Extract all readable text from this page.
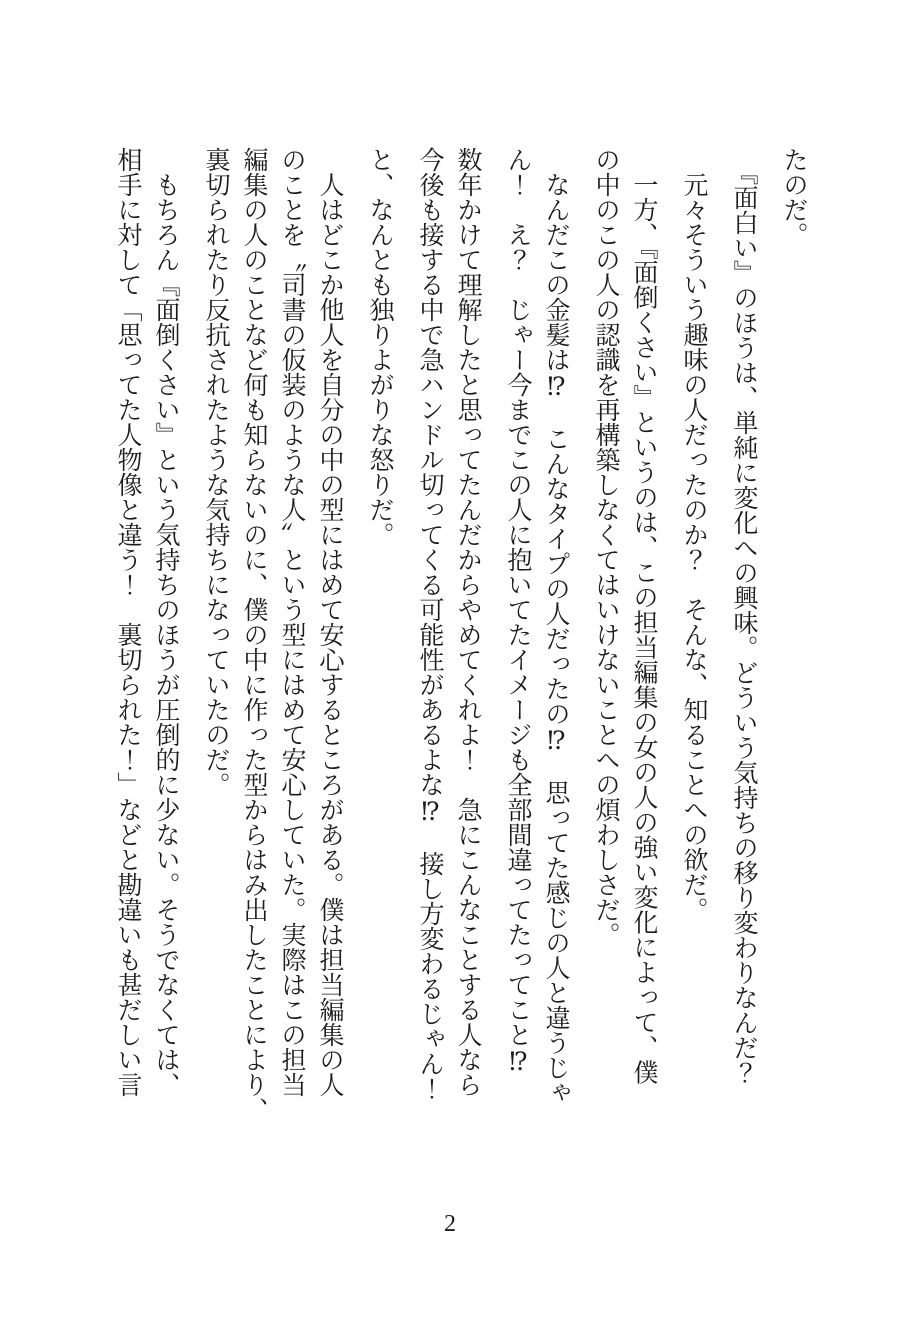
たのだ。

『面白い』のほうは、単純に変化への興味。どういう気持ちの移り変わりなんだ？

元々そういう趣味の人だったのか？　そんな、知ることへの欲だ。

一方、『面倒くさい』というのは、この担当編集の女の人の強い変化によって、僕
の中のこの人の認識を再構築しなくてはいけないことへの煩わしさだ。

なんだこの金髪は⁉　こんなタイプの人だったの⁉　思ってた感じの人と違うじゃ
ん！　え？　じゃー今までこの人に抱いてたイメージも全部間違ってたってこと⁉

数年かけて理解したと思ってたんだからやめてくれよ！　急にこんなことする人なら
今後も接する中で急ハンドル切ってくる可能性があるよな⁉　接し方変わるじゃん！

と、なんとも独りよがりな怒りだ。

人はどこか他人を自分の中の型にはめて安心するところがある。僕は担当編集の人
のことを〝司書の仮装のような人〟という型にはめて安心していた。実際はこの担当
編集の人のことなど何も知らないのに、僕の中に作った型からはみ出したことにより、
裏切られたり反抗されたような気持ちになっていたのだ。

もちろん『面倒くさい』という気持ちのほうが圧倒的に少ない。そうでなくては、
相手に対して「思ってた人物像と違う！　裏切られた！」などと勘違いも甚だしい言

2
